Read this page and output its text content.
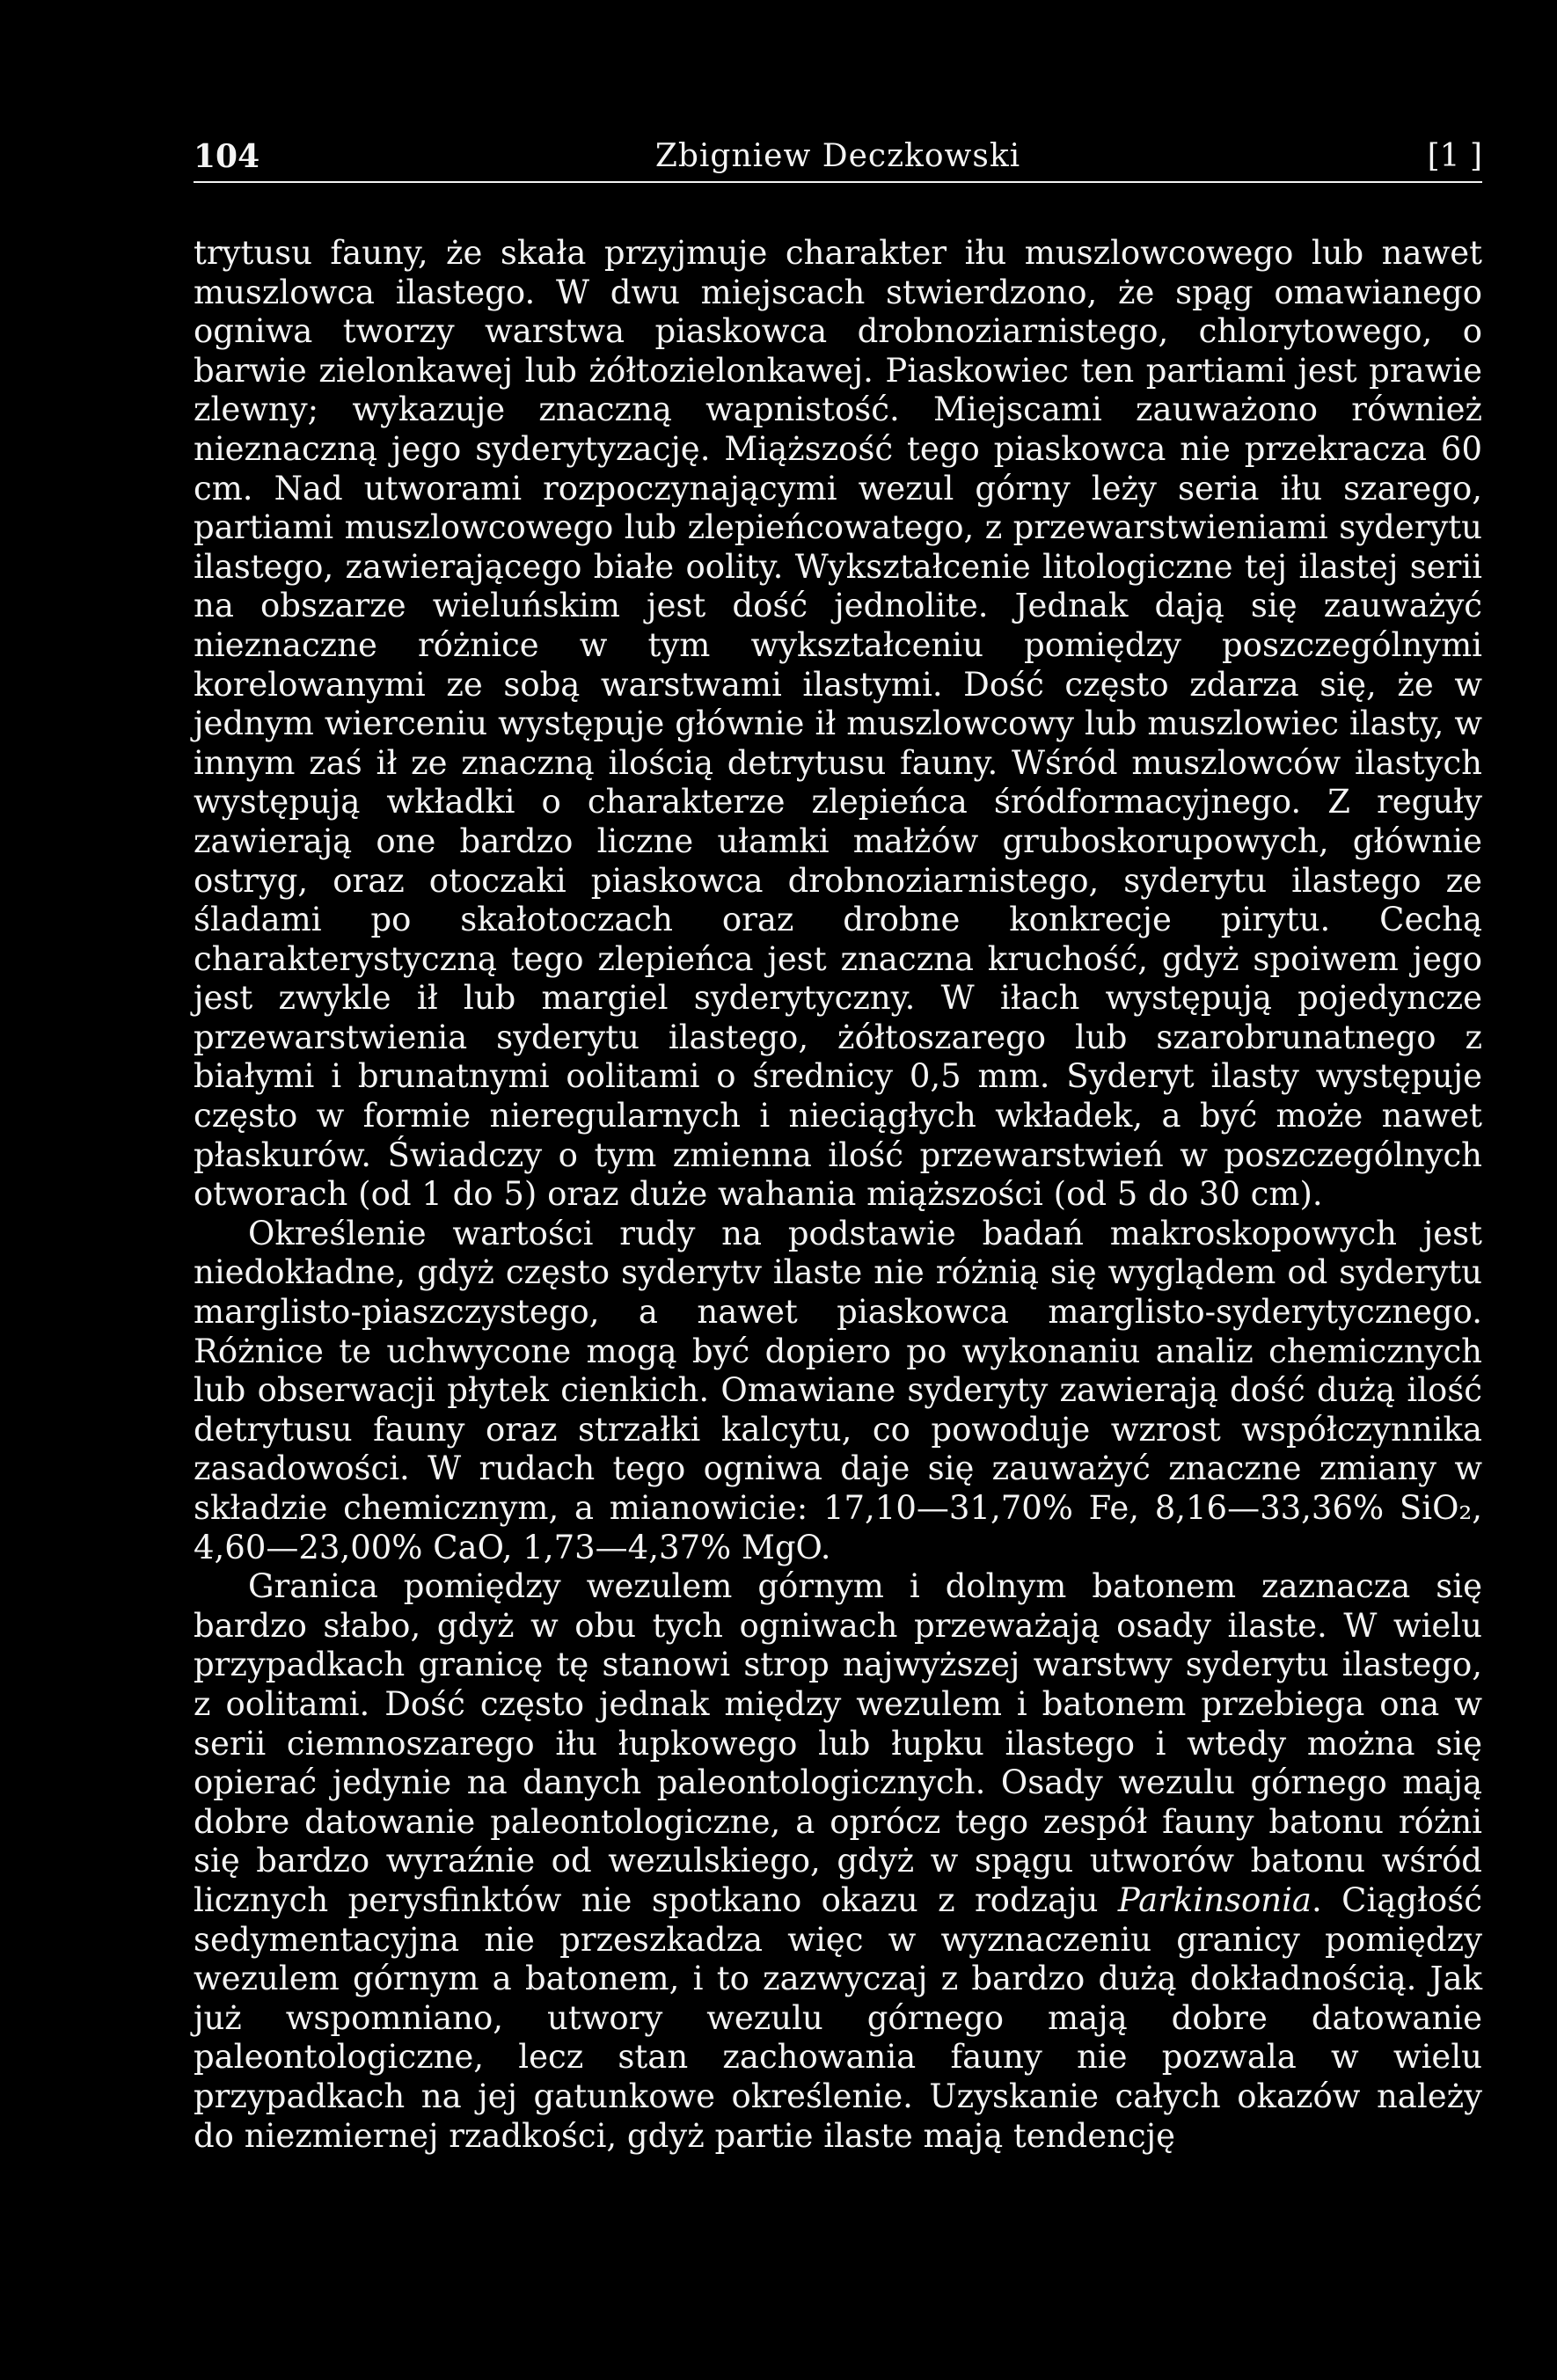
104	Zbigniew Deczkowski	[1 ]

trytusu fauny, że skała przyjmuje charakter iłu muszlowcowego lub nawet muszlowca ilastego. W dwu miejscach stwierdzono, że spąg omawianego ogniwa tworzy warstwa piaskowca drobnoziarnistego, chlorytowego, o barwie zielonkawej lub żółtozielonkawej. Piaskowiec ten partiami jest prawie zlewny; wykazuje znaczną wapnistość. Miejscami zauważono również nieznaczną jego syderytyzację. Miąższość tego piaskowca nie przekracza 60 cm. Nad utworami rozpoczynającymi wezul górny leży seria iłu szarego, partiami muszlowcowego lub zlepieńcowatego, z przewarstwieniami syderytu ilastego, zawierającego białe oolity. Wykształcenie litologiczne tej ilastej serii na obszarze wieluńskim jest dość jednolite. Jednak dają się zauważyć nieznaczne różnice w tym wykształceniu pomiędzy poszczególnymi korelowanymi ze sobą warstwami ilastymi. Dość często zdarza się, że w jednym wierceniu występuje głównie ił muszlowcowy lub muszlowiec ilasty, w innym zaś ił ze znaczną ilością detrytusu fauny. Wśród muszlowców ilastych występują wkładki o charakterze zlepieńca śródformacyjnego. Z reguły zawierają one bardzo liczne ułamki małżów gruboskorupowych, głównie ostryg, oraz otoczaki piaskowca drobnoziarnistego, syderytu ilastego ze śladami po skałotoczach oraz drobne konkrecje pirytu. Cechą charakterystyczną tego zlepieńca jest znaczna kruchość, gdyż spoiwem jego jest zwykle ił lub margiel syderytyczny. W iłach występują pojedyncze przewarstwienia syderytu ilastego, żółtoszarego lub szarobrunatnego z białymi i brunatnymi oolitami o średnicy 0,5 mm. Syderyt ilasty występuje często w formie nieregularnych i nieciągłych wkładek, a być może nawet płaskurów. Świadczy o tym zmienna ilość przewarstwień w poszczególnych otworach (od 1 do 5) oraz duże wahania miąższości (od 5 do 30 cm).

Określenie wartości rudy na podstawie badań makroskopowych jest niedokładne, gdyż często syderytv ilaste nie różnią się wyglądem od syderytu marglisto-piaszczystego, a nawet piaskowca marglisto-syderytycznego. Różnice te uchwycone mogą być dopiero po wykonaniu analiz chemicznych lub obserwacji płytek cienkich. Omawiane syderyty zawierają dość dużą ilość detrytusu fauny oraz strzałki kalcytu, co powoduje wzrost współczynnika zasadowości. W rudach tego ogniwa daje się zauważyć znaczne zmiany w składzie chemicznym, a mianowicie: 17,10—31,70% Fe, 8,16—33,36% SiO₂, 4,60—23,00% CaO, 1,73—4,37% MgO.

Granica pomiędzy wezulem górnym i dolnym batonem zaznacza się bardzo słabo, gdyż w obu tych ogniwach przeważają osady ilaste. W wielu przypadkach granicę tę stanowi strop najwyższej warstwy syderytu ilastego, z oolitami. Dość często jednak między wezulem i batonem przebiega ona w serii ciemnoszarego iłu łupkowego lub łupku ilastego i wtedy można się opierać jedynie na danych paleontologicznych. Osady wezulu górnego mają dobre datowanie paleontologiczne, a oprócz tego zespół fauny batonu różni się bardzo wyraźnie od wezulskiego, gdyż w spągu utworów batonu wśród licznych perysfinktów nie spotkano okazu z rodzaju Parkinsonia. Ciągłość sedymentacyjna nie przeszkadza więc w wyznaczeniu granicy pomiędzy wezulem górnym a batonem, i to zazwyczaj z bardzo dużą dokładnością. Jak już wspomniano, utwory wezulu górnego mają dobre datowanie paleontologiczne, lecz stan zachowania fauny nie pozwala w wielu przypadkach na jej gatunkowe określenie. Uzyskanie całych okazów należy do niezmiernej rzadkości, gdyż partie ilaste mają tendencję
